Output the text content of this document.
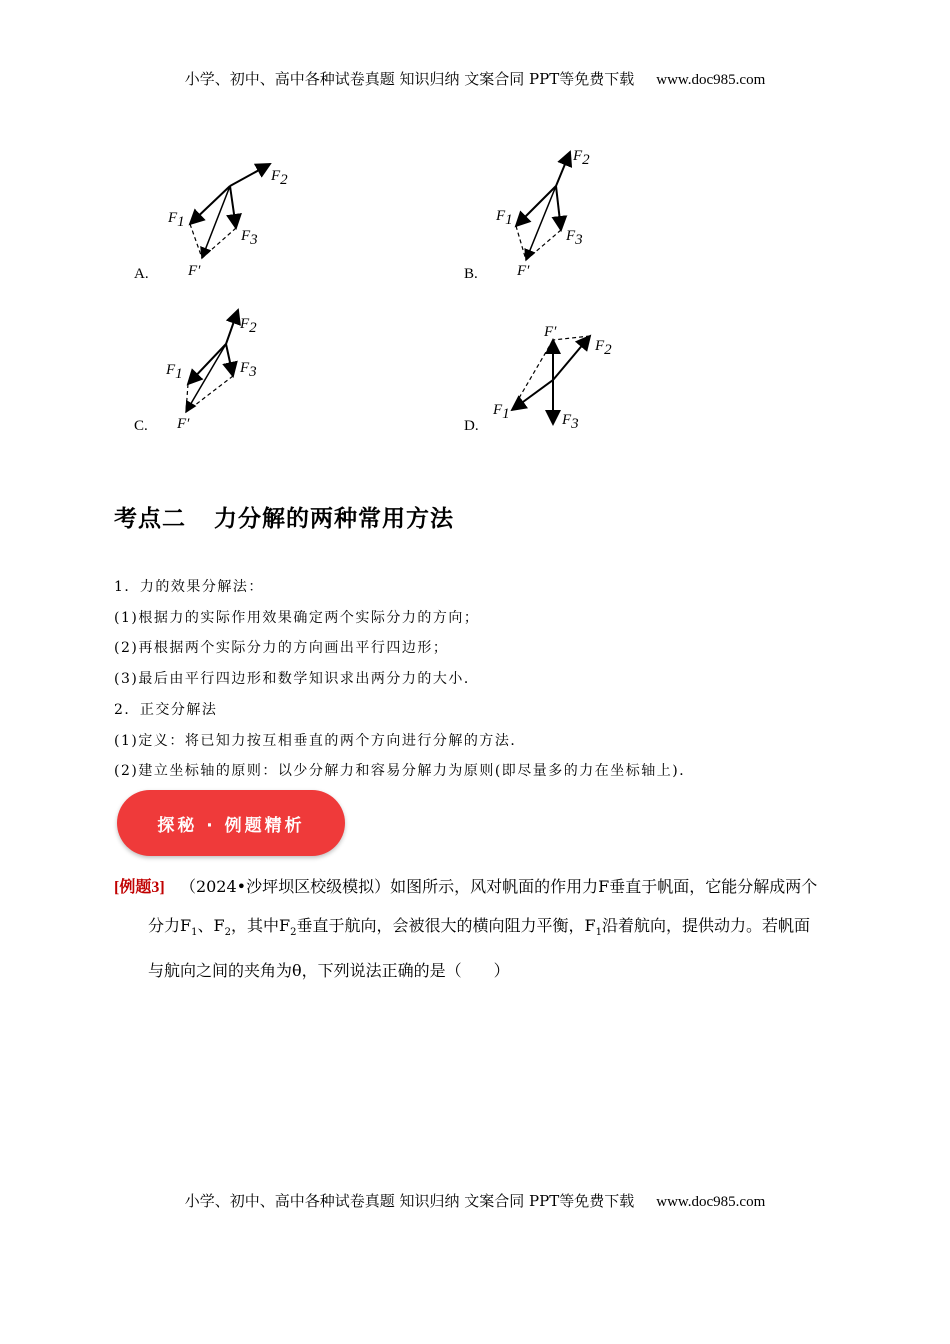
小学、初中、高中各种试卷真题 知识归纳 文案合同 PPT等免费下载 www.doc985.com
A.
F2
F1
F3
F′	B.
F2
F1
F3
F′
C.
F2
F1	F3
F′	D.
F2
F1	F3
F′
考点二 力分解的两种常用方法
1．力的效果分解法：
(1)根据力的实际作用效果确定两个实际分力的方向；
(2)再根据两个实际分力的方向画出平行四边形；
(3)最后由平行四边形和数学知识求出两分力的大小．
2．正交分解法
(1)定义：将已知力按互相垂直的两个方向进行分解的方法．
(2)建立坐标轴的原则：以少分解力和容易分解力为原则(即尽量多的力在坐标轴上)．
探秘 · 例题精析
[例题3] （2024•沙坪坝区校级模拟）如图所示，风对帆面的作用力F垂直于帆面，它能分解成两个
分力$F_1$、$F_2$，其中$F_2$垂直于航向，会被很大的横向阻力平衡，$F_1$沿着航向，提供动力。若帆面
与航向之间的夹角为θ，下列说法正确的是（　　）
小学、初中、高中各种试卷真题 知识归纳 文案合同 PPT等免费下载 www.doc985.com
